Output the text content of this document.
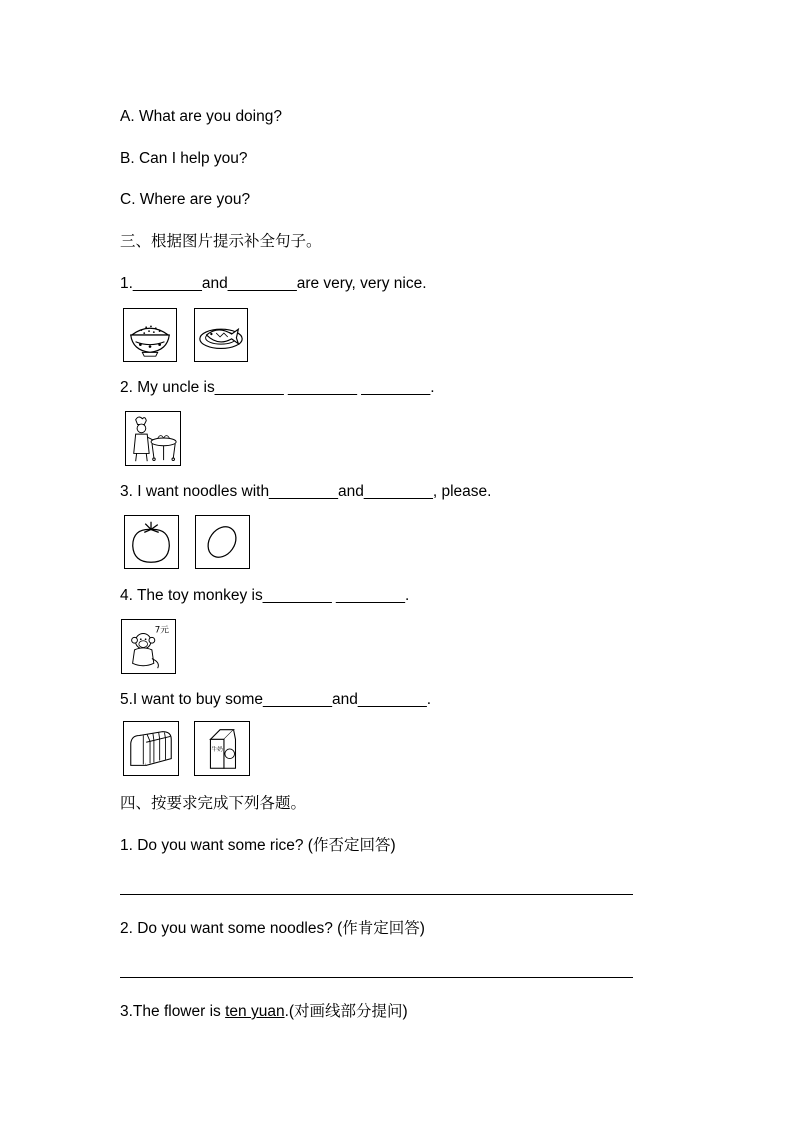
A. What are you doing?
B. Can I help you?
C. Where are you?
三、根据图片提示补全句子。
1.________and________are very, very nice.
2. My uncle is________ ________ ________.
3. I want noodles with________and________, please.
4. The toy monkey is________ ________.
7元
5.I want to buy some________and________.
牛奶
四、按要求完成下列各题。
1. Do you want some rice? (作否定回答)
2. Do you want some noodles? (作肯定回答)
3.The flower is ten yuan.(对画线部分提问)
